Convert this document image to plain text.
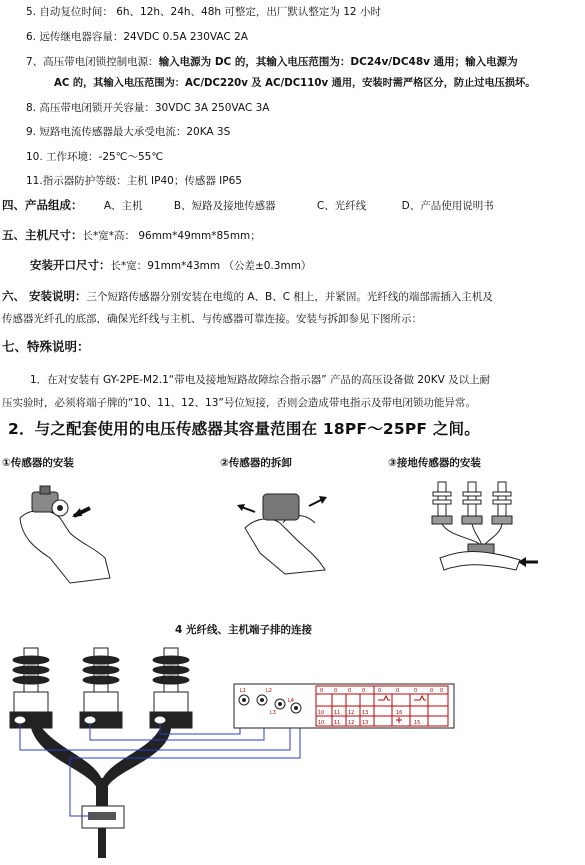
5. 自动复位时间： 6h、12h、24h、48h 可整定，出厂默认整定为 12 小时
6. 远传继电器容量：24VDC 0.5A 230VAC 2A
7、高压带电闭锁控制电源：输入电源为 DC 的，其输入电压范围为：DC24v/DC48v 通用；输入电源为
AC 的，其输入电压范围为：AC/DC220v 及 AC/DC110v 通用，安装时需严格区分，防止过电压损坏。
8. 高压带电闭锁开关容量：30VDC 3A 250VAC 3A
9. 短路电流传感器最大承受电流：20KA 3S
10. 工作环境：-25℃～55℃
11.指示器防护等级：主机 IP40；传感器 IP65
四、产品组成： A、主机	B、短路及接地传感器	C、光纤线	D、产品使用说明书
五、主机尺寸：长*宽*高： 96mm*49mm*85mm；
安装开口尺寸：长*宽：91mm*43mm （公差±0.3mm）
六、 安装说明：三个短路传感器分别安装在电缆的 A、B、C 相上，并紧固。光纤线的端部需插入主机及
传感器光纤孔的底部，确保光纤线与主机、与传感器可靠连接。安装与拆卸参见下图所示：
七、特殊说明：
1．在对安装有 GY-2PE-M2.1“带电及接地短路故障综合指示器” 产品的高压设备做 20KV 及以上耐
压实验时，必须将端子牌的“10、11、12、13”号位短接，否则会造成带电指示及带电闭锁功能异常。
2．与之配套使用的电压传感器其容量范围在 18PF～25PF 之间。
①传感器的安装	②传感器的拆卸	③接地传感器的安装
4 光纤线、主机端子排的连接
L1	L2
L3
L4
0 0 0 0	0	0	0	0 0
10 11 12 13	16
10 11 12 13	15
